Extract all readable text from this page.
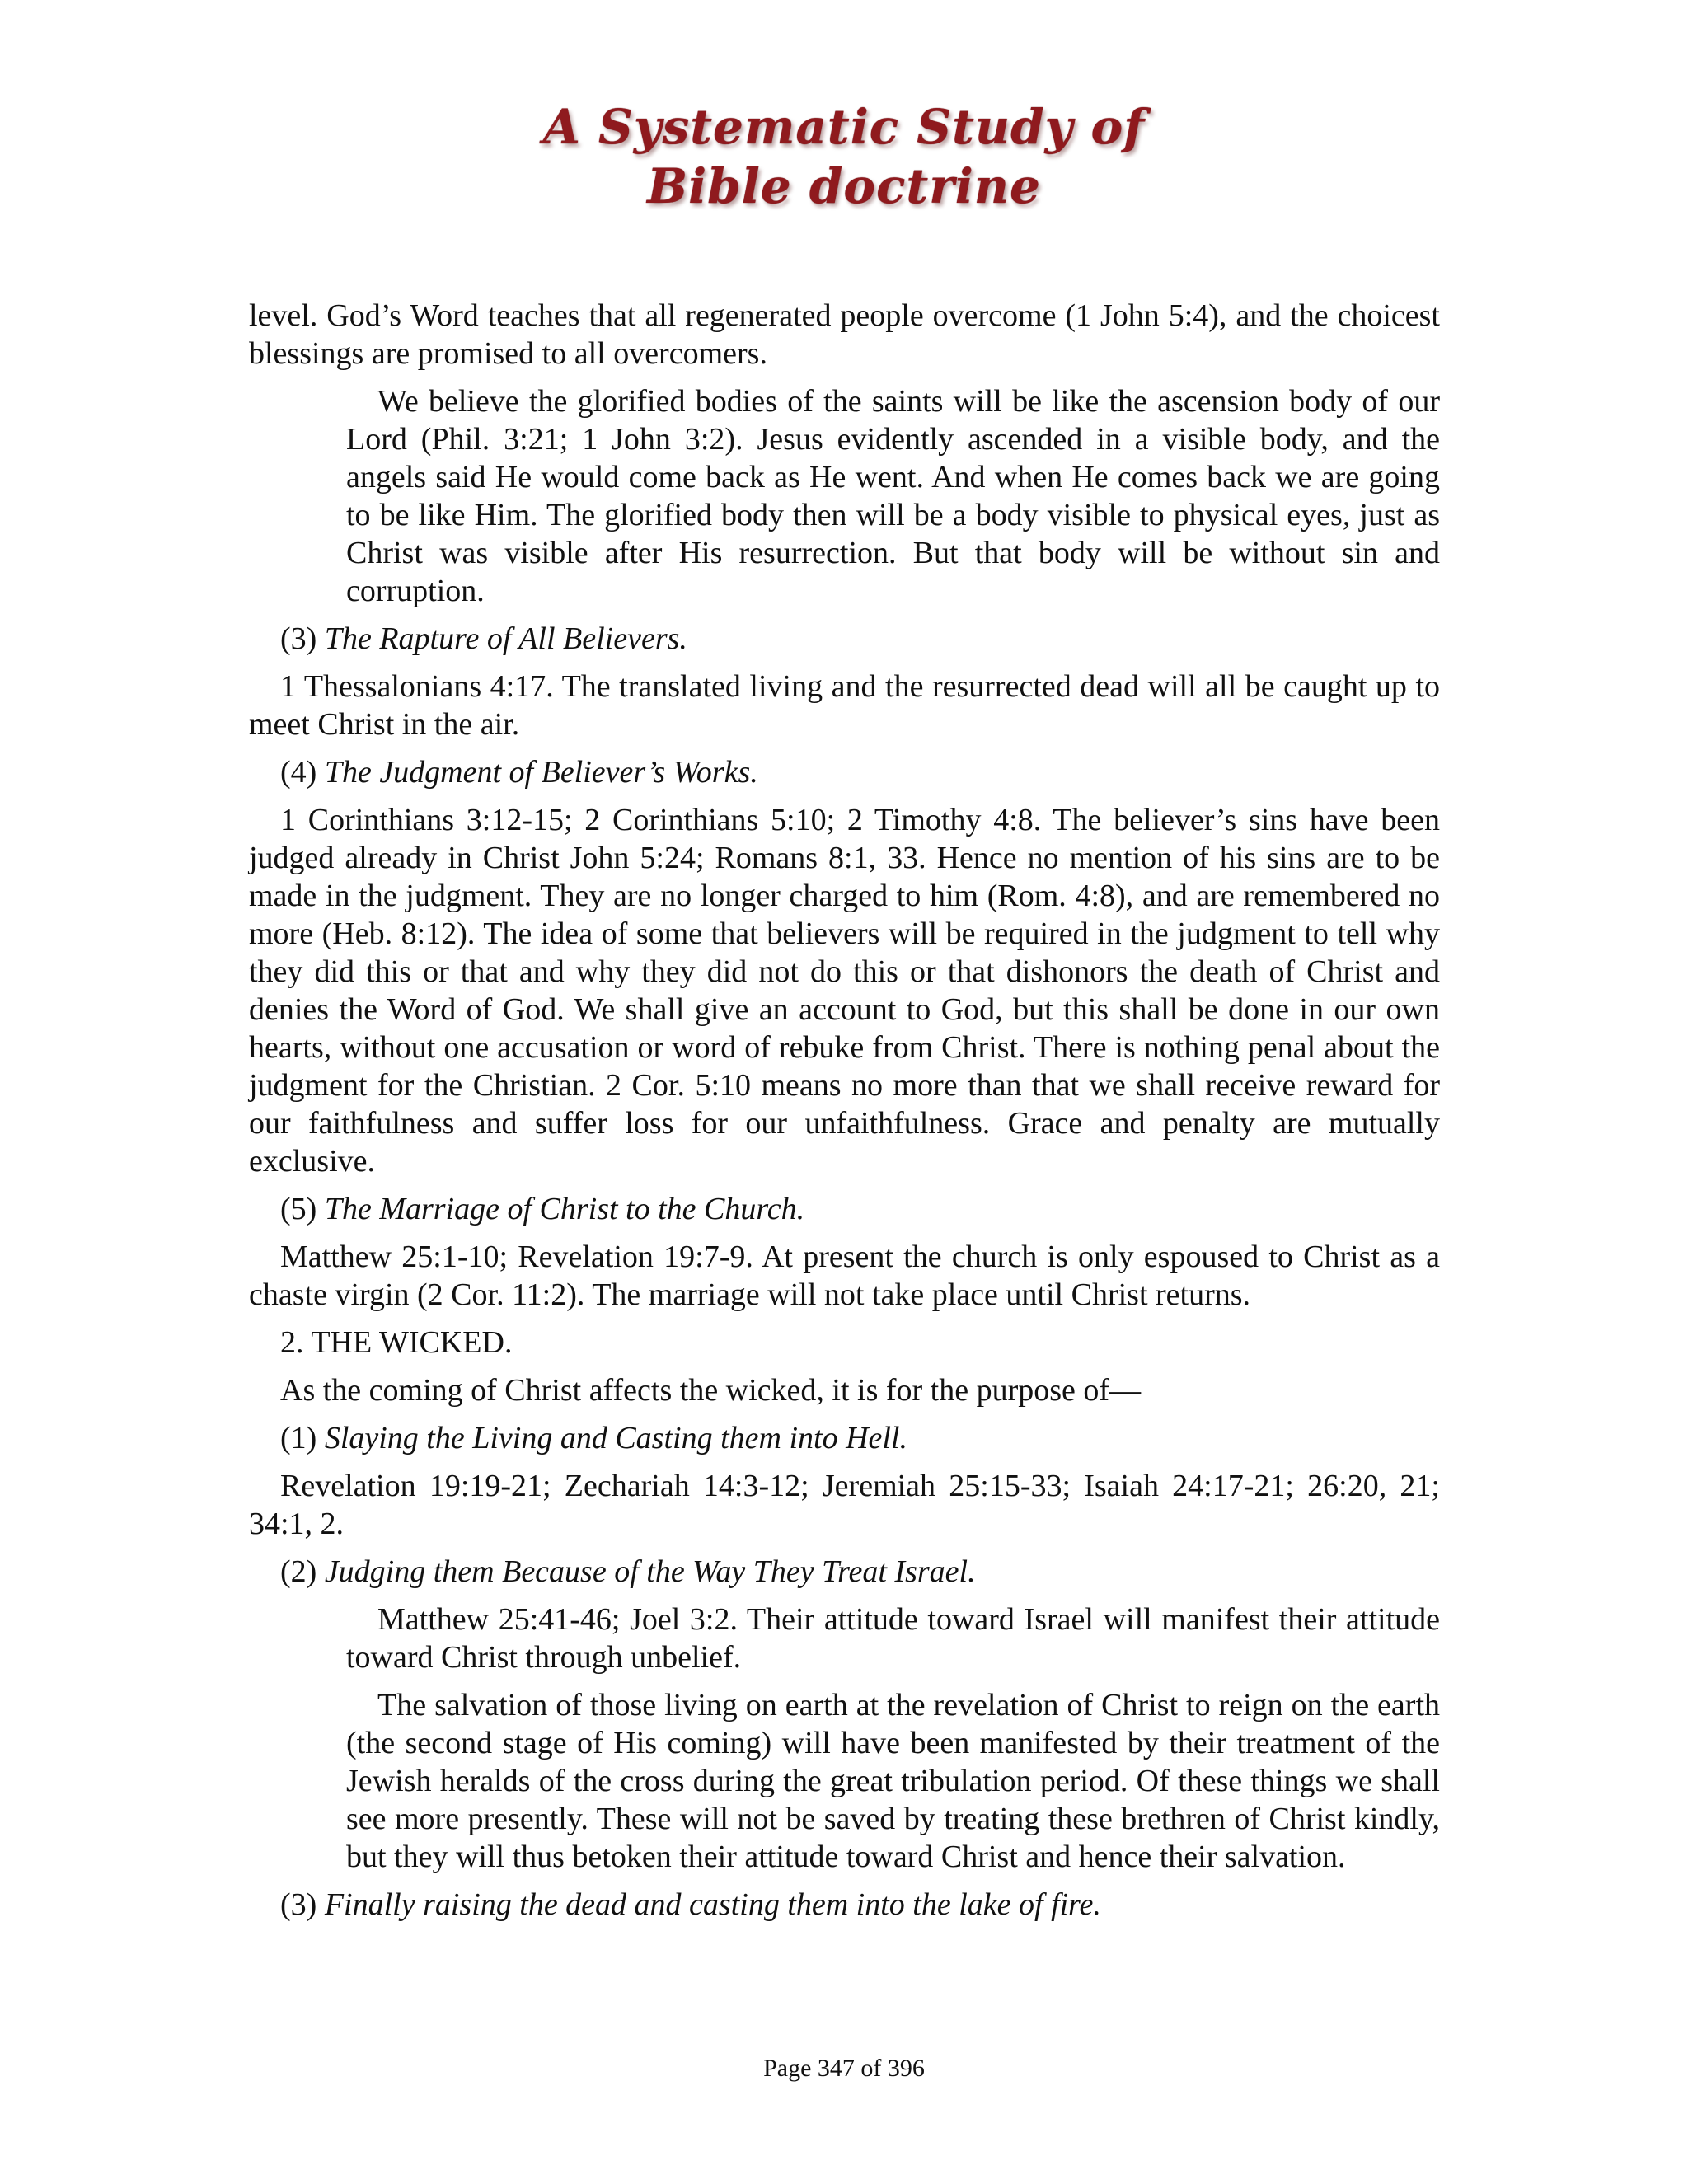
A Systematic Study of
Bible doctrine

level. God’s Word teaches that all regenerated people overcome (1 John 5:4), and the choicest blessings are promised to all overcomers.

We believe the glorified bodies of the saints will be like the ascension body of our Lord (Phil. 3:21; 1 John 3:2). Jesus evidently ascended in a visible body, and the angels said He would come back as He went. And when He comes back we are going to be like Him. The glorified body then will be a body visible to physical eyes, just as Christ was visible after His resurrection. But that body will be without sin and corruption.

(3) The Rapture of All Believers.

1 Thessalonians 4:17. The translated living and the resurrected dead will all be caught up to meet Christ in the air.

(4) The Judgment of Believer’s Works.

1 Corinthians 3:12-15; 2 Corinthians 5:10; 2 Timothy 4:8. The believer’s sins have been judged already in Christ John 5:24; Romans 8:1, 33. Hence no mention of his sins are to be made in the judgment. They are no longer charged to him (Rom. 4:8), and are remembered no more (Heb. 8:12). The idea of some that believers will be required in the judgment to tell why they did this or that and why they did not do this or that dishonors the death of Christ and denies the Word of God. We shall give an account to God, but this shall be done in our own hearts, without one accusation or word of rebuke from Christ. There is nothing penal about the judgment for the Christian. 2 Cor. 5:10 means no more than that we shall receive reward for our faithfulness and suffer loss for our unfaithfulness. Grace and penalty are mutually exclusive.

(5) The Marriage of Christ to the Church.

Matthew 25:1-10; Revelation 19:7-9. At present the church is only espoused to Christ as a chaste virgin (2 Cor. 11:2). The marriage will not take place until Christ returns.

2. THE WICKED.

As the coming of Christ affects the wicked, it is for the purpose of—

(1) Slaying the Living and Casting them into Hell.

Revelation 19:19-21; Zechariah 14:3-12; Jeremiah 25:15-33; Isaiah 24:17-21; 26:20, 21; 34:1, 2.

(2) Judging them Because of the Way They Treat Israel.

Matthew 25:41-46; Joel 3:2. Their attitude toward Israel will manifest their attitude toward Christ through unbelief.

The salvation of those living on earth at the revelation of Christ to reign on the earth (the second stage of His coming) will have been manifested by their treatment of the Jewish heralds of the cross during the great tribulation period. Of these things we shall see more presently. These will not be saved by treating these brethren of Christ kindly, but they will thus betoken their attitude toward Christ and hence their salvation.

(3) Finally raising the dead and casting them into the lake of fire.

Page 347 of 396
